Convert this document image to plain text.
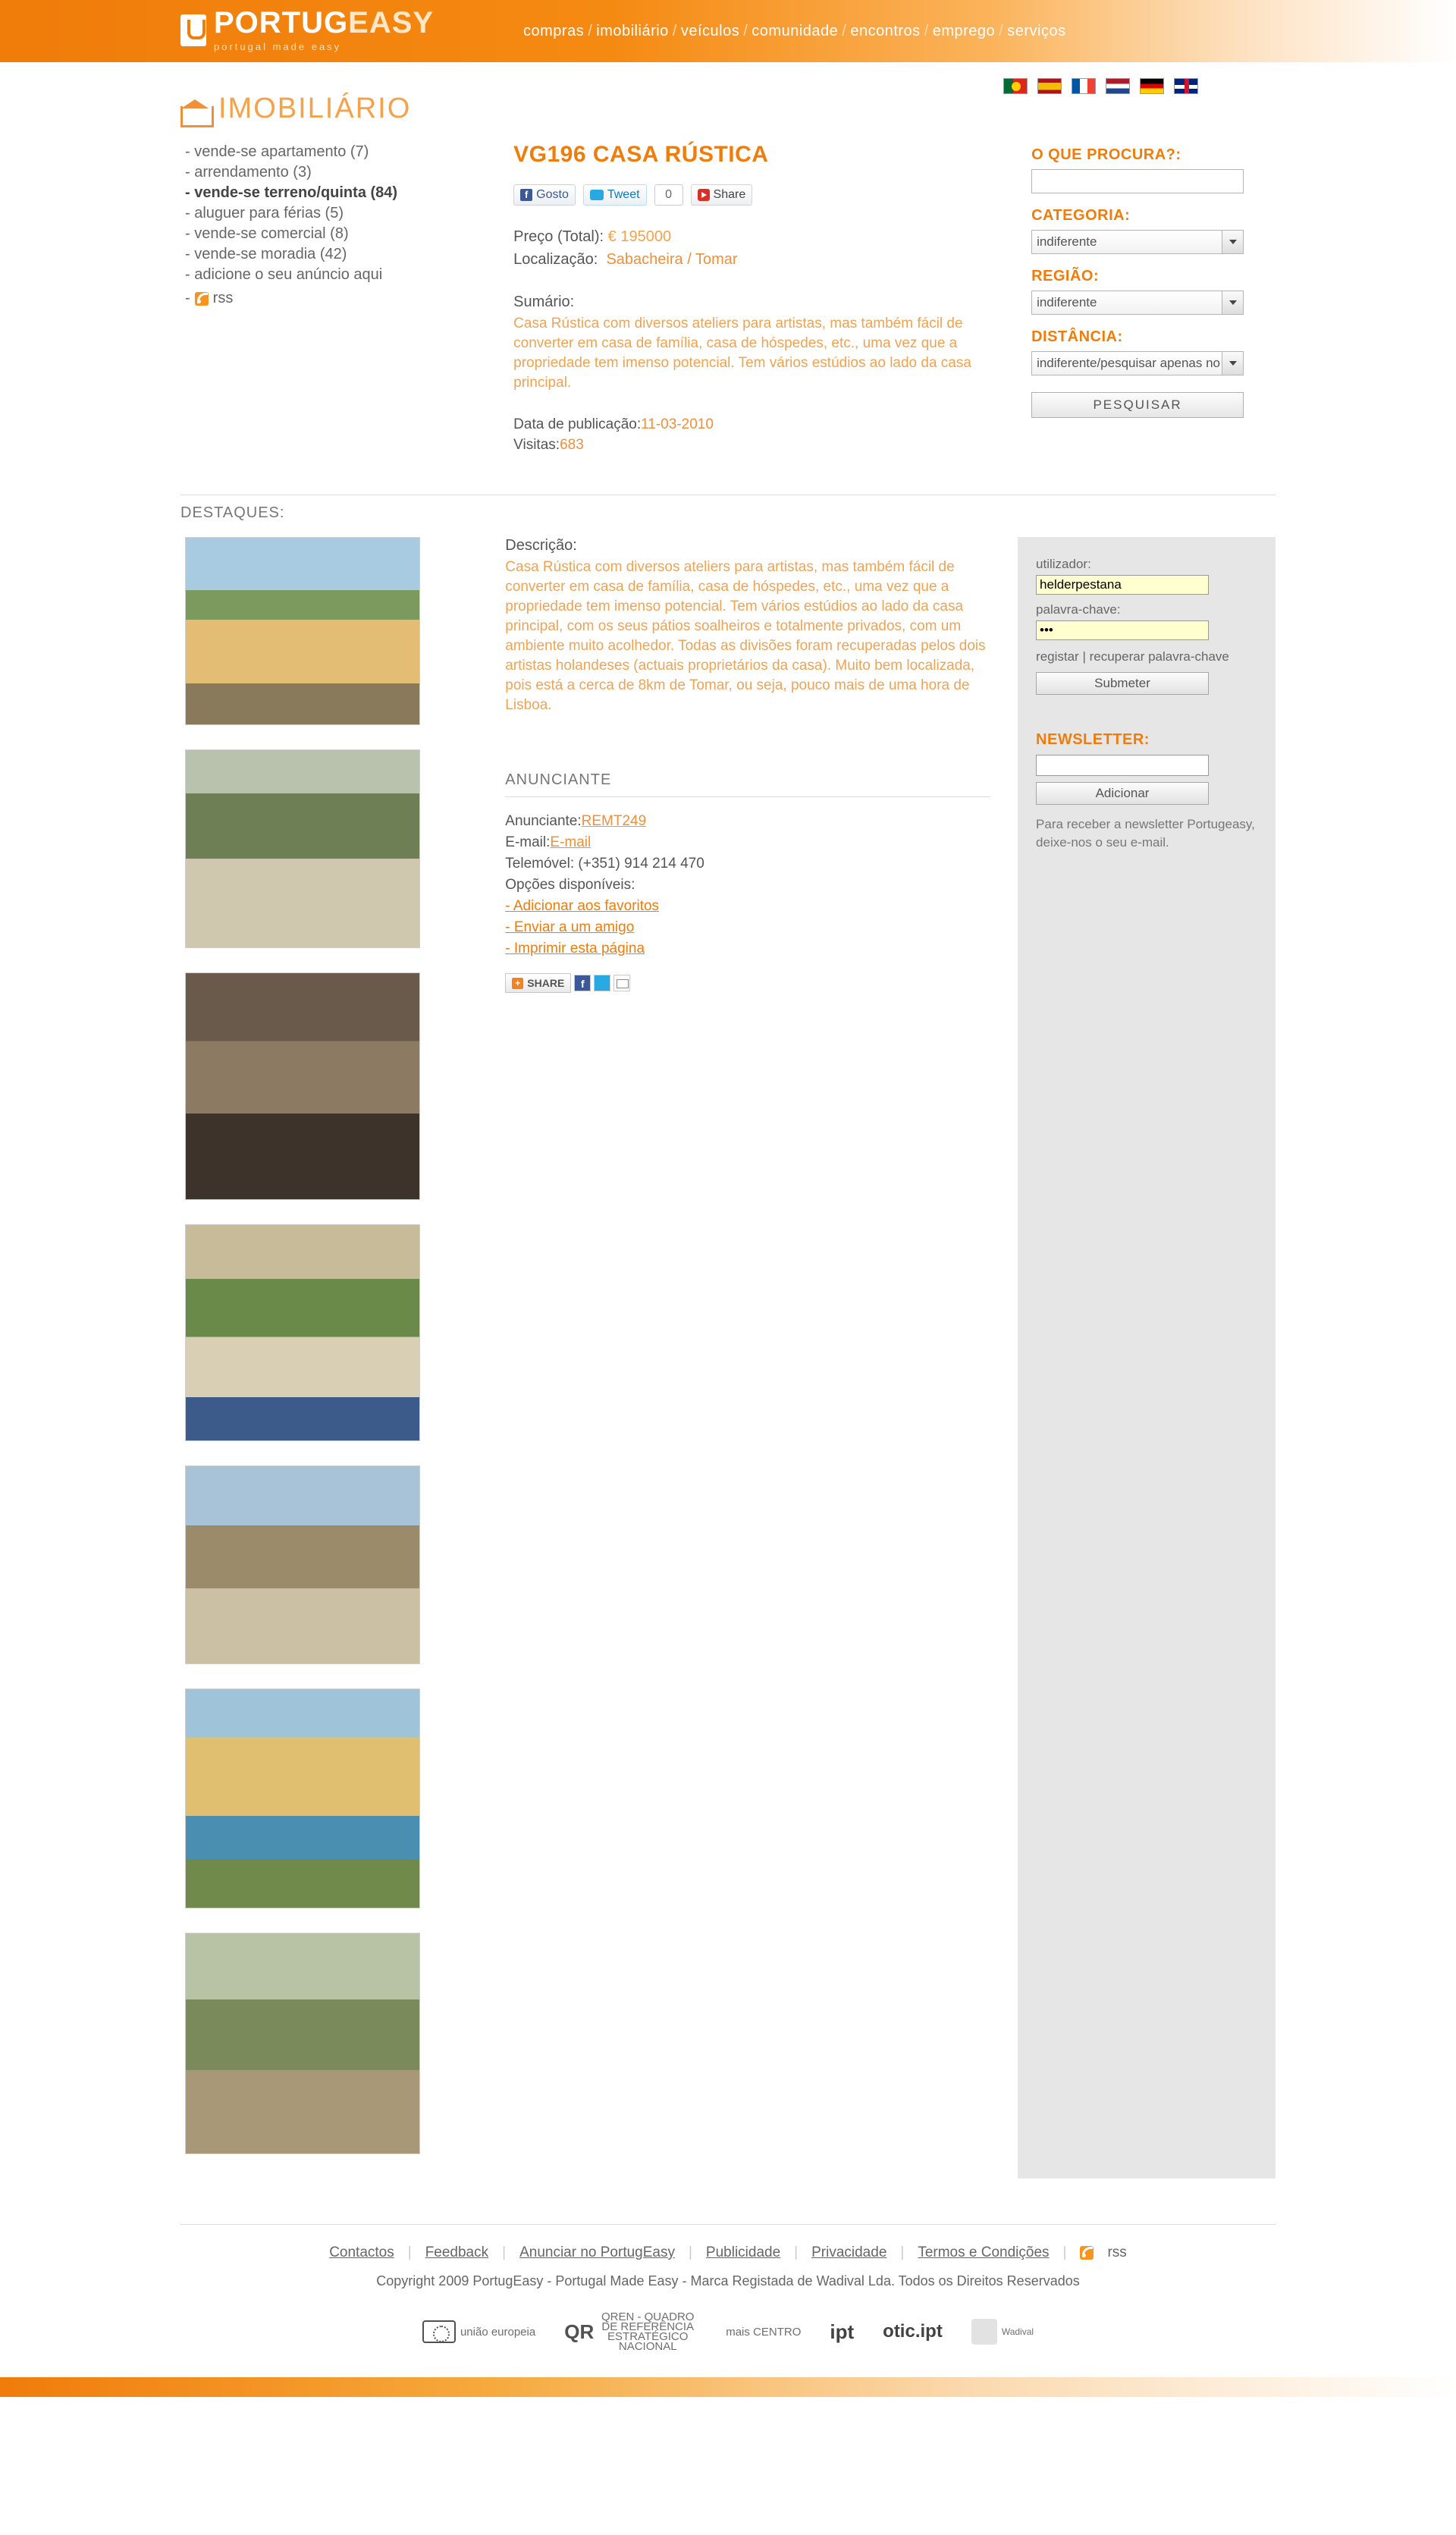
PORTUGEASY
portugal made easy
compras / imobiliário / veículos / comunidade / encontros / emprego / serviços
IMOBILIÁRIO
- vende-se apartamento (7)
- arrendamento (3)
- vende-se terreno/quinta (84)
- aluguer para férias (5)
- vende-se comercial (8)
- vende-se moradia (42)
- adicione o seu anúncio aqui
- rss
VG196 CASA RÚSTICA
f Gosto	Tweet	0	Share
Preço (Total): € 195000
Localização: Sabacheira / Tomar
Sumário:
Casa Rústica com diversos ateliers para artistas, mas também fácil de converter em casa de família, casa de hóspedes, etc., uma vez que a propriedade tem imenso potencial. Tem vários estúdios ao lado da casa principal.
Data de publicação:11-03-2010
Visitas:683
O QUE PROCURA?:
CATEGORIA:
indiferente
REGIÃO:
indiferente
DISTÂNCIA:
indiferente/pesquisar apenas no
PESQUISAR
DESTAQUES:
Descrição:
Casa Rústica com diversos ateliers para artistas, mas também fácil de converter em casa de família, casa de hóspedes, etc., uma vez que a propriedade tem imenso potencial. Tem vários estúdios ao lado da casa principal, com os seus pátios soalheiros e totalmente privados, com um ambiente muito acolhedor. Todas as divisões foram recuperadas pelos dois artistas holandeses (actuais proprietários da casa). Muito bem localizada, pois está a cerca de 8km de Tomar, ou seja, pouco mais de uma hora de Lisboa.
ANUNCIANTE
Anunciante:REMT249
E-mail:E-mail
Telemóvel: (+351) 914 214 470
Opções disponíveis:
- Adicionar aos favoritos
- Enviar a um amigo
- Imprimir esta página
+ SHARE	f
utilizador:
helderpestana
palavra-chave:
•••
registar | recuperar palavra-chave
Submeter
NEWSLETTER:
Adicionar
Para receber a newsletter Portugeasy, deixe-nos o seu e-mail.
Contactos | Feedback | Anunciar no PortugEasy | Publicidade | Privacidade | Termos e Condições |	rss
Copyright 2009 PortugEasy - Portugal Made Easy - Marca Registada de Wadival Lda. Todos os Direitos Reservados
união europeia QR
QREN - QUADRO DE REFERÊNCIA ESTRATÉGICO NACIONAL
mais CENTRO ipt otic.ipt	Wadival
